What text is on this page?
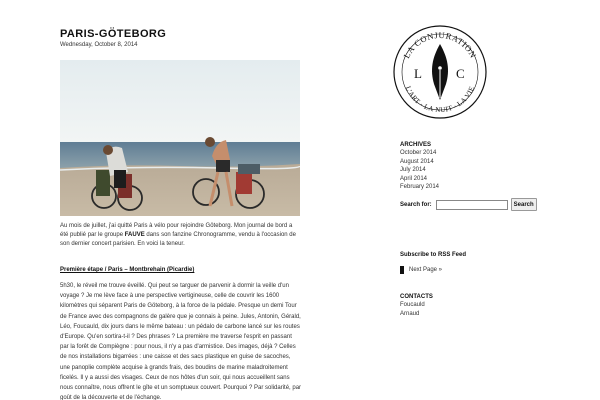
PARIS-GÖTEBORG
Wednesday, October 8, 2014

Au mois de juillet, j'ai quitté Paris à vélo pour rejoindre Göteborg. Mon journal de bord a été publié par le groupe FAUVE dans son fanzine Chronogramme, vendu à l'occasion de son dernier concert parisien. En voici la teneur.

Première étape / Paris – Montbrehain (Picardie)

5h30, le réveil me trouve éveillé. Qui peut se targuer de parvenir à dormir la veille d'un voyage ? Je me lève face à une perspective vertigineuse, celle de couvrir les 1600 kilomètres qui séparent Paris de Göteborg, à la force de la pédale. Presque un demi Tour de France avec des compagnons de galère que je connais à peine. Jules, Antonin, Gérald, Léo, Foucauld, dix jours dans le même bateau : un pédalo de carbone lancé sur les routes d'Europe. Qu'en sortira-t-il ? Des phrases ? La première me traverse l'esprit en passant par la forêt de Compiègne : pour nous, il n'y a pas d'armistice. Des images, déjà ? Celles de nos installations bigarrées : une caisse et des sacs plastique en guise de sacoches, une panoplie complète acquise à grands frais, des boudins de marine maladroitement ficelés. Il y a aussi des visages. Ceux de nos hôtes d'un soir, qui nous accueillent sans nous connaître, nous offrent le gîte et un somptueux couvert. Pourquoi ? Par solidarité, par goût de la découverte et de l'échange.

LA CONJURATION
L'ART · LA NUIT · LA VIE
L	C
ARCHIVES
October 2014
August 2014
July 2014
April 2014
February 2014
Search for:	Search
Subscribe to RSS Feed
Next Page »
CONTACTS
Foucauld
Arnaud
